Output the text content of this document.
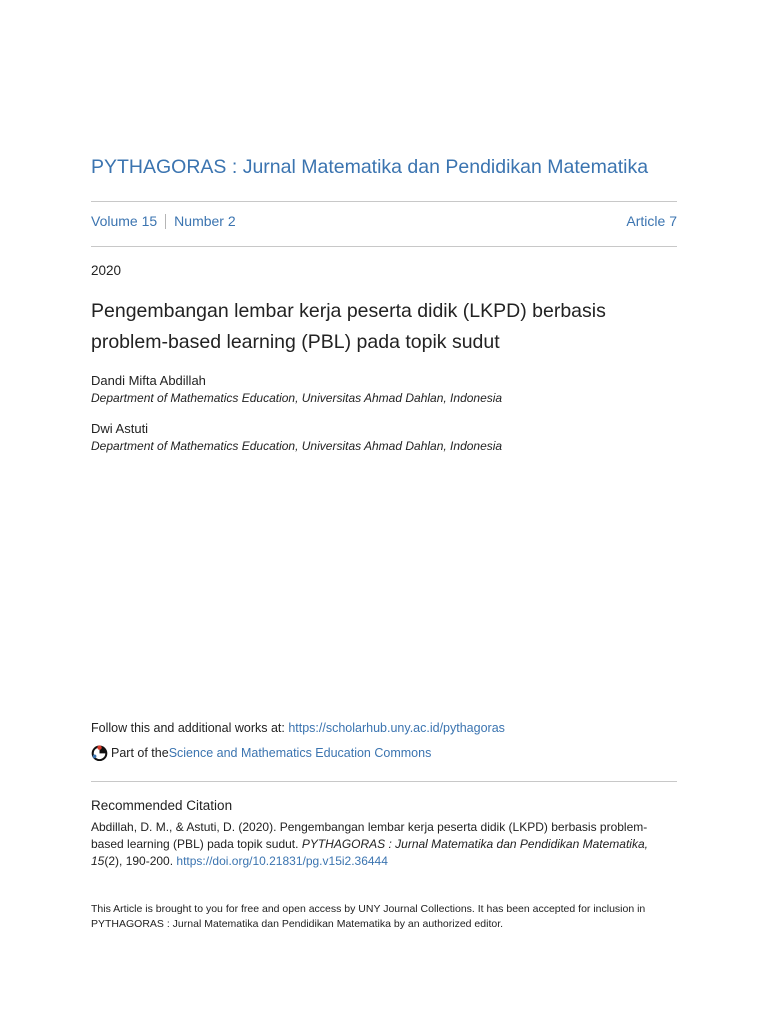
PYTHAGORAS : Jurnal Matematika dan Pendidikan Matematika
Volume 15 Number 2	Article 7
2020
Pengembangan lembar kerja peserta didik (LKPD) berbasis problem-based learning (PBL) pada topik sudut
Dandi Mifta Abdillah
Department of Mathematics Education, Universitas Ahmad Dahlan, Indonesia
Dwi Astuti
Department of Mathematics Education, Universitas Ahmad Dahlan, Indonesia
Follow this and additional works at: https://scholarhub.uny.ac.id/pythagoras
Part of the Science and Mathematics Education Commons
Recommended Citation
Abdillah, D. M., & Astuti, D. (2020). Pengembangan lembar kerja peserta didik (LKPD) berbasis problem-based learning (PBL) pada topik sudut. PYTHAGORAS : Jurnal Matematika dan Pendidikan Matematika, 15(2), 190-200. https://doi.org/10.21831/pg.v15i2.36444
This Article is brought to you for free and open access by UNY Journal Collections. It has been accepted for inclusion in PYTHAGORAS : Jurnal Matematika dan Pendidikan Matematika by an authorized editor.
